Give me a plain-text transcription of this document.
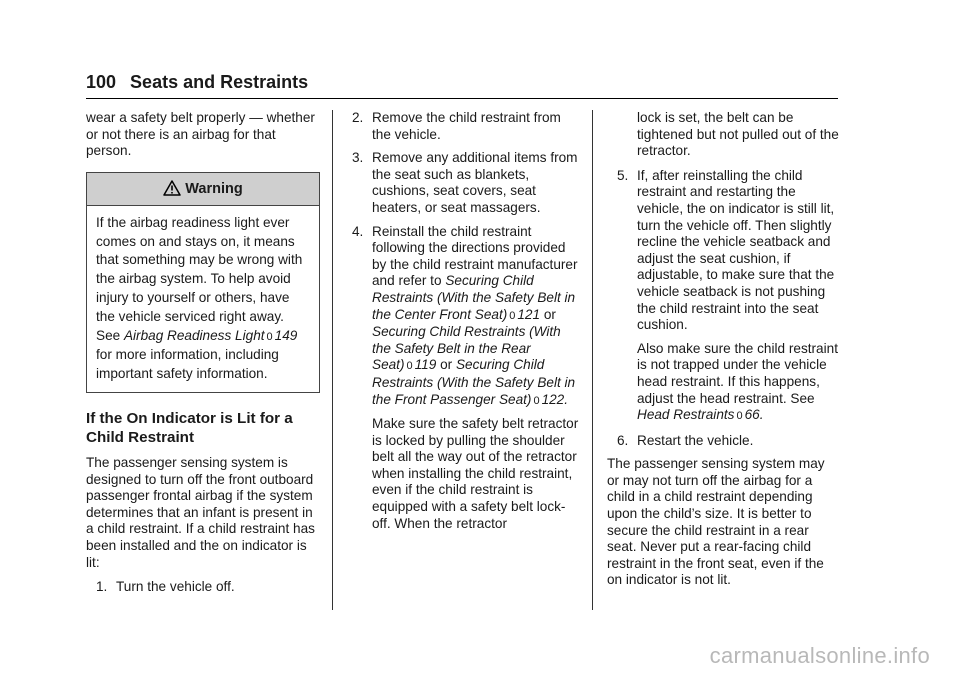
100 Seats and Restraints

wear a safety belt properly — whether or not there is an airbag for that person.

Warning
If the airbag readiness light ever comes on and stays on, it means that something may be wrong with the airbag system. To help avoid injury to yourself or others, have the vehicle serviced right away. See Airbag Readiness Light 0 149 for more information, including important safety information.
If the On Indicator is Lit for a Child Restraint

The passenger sensing system is designed to turn off the front outboard passenger frontal airbag if the system determines that an infant is present in a child restraint. If a child restraint has been installed and the on indicator is lit:

1. Turn the vehicle off.
2. Remove the child restraint from the vehicle.
3. Remove any additional items from the seat such as blankets, cushions, seat covers, seat heaters, or seat massagers.
4. Reinstall the child restraint following the directions provided by the child restraint manufacturer and refer to Securing Child Restraints (With the Safety Belt in the Center Front Seat) 0 121 or Securing Child Restraints (With the Safety Belt in the Rear Seat) 0 119 or Securing Child Restraints (With the Safety Belt in the Front Passenger Seat) 0 122.

Make sure the safety belt retractor is locked by pulling the shoulder belt all the way out of the retractor when installing the child restraint, even if the child restraint is equipped with a safety belt lock-off. When the retractor

lock is set, the belt can be tightened but not pulled out of the retractor.

5. If, after reinstalling the child restraint and restarting the vehicle, the on indicator is still lit, turn the vehicle off. Then slightly recline the vehicle seatback and adjust the seat cushion, if adjustable, to make sure that the vehicle seatback is not pushing the child restraint into the seat cushion.

Also make sure the child restraint is not trapped under the vehicle head restraint. If this happens, adjust the head restraint. See Head Restraints 0 66.

6. Restart the vehicle.

The passenger sensing system may or may not turn off the airbag for a child in a child restraint depending upon the child’s size. It is better to secure the child restraint in a rear seat. Never put a rear-facing child restraint in the front seat, even if the on indicator is not lit.

carmanualsonline.info
